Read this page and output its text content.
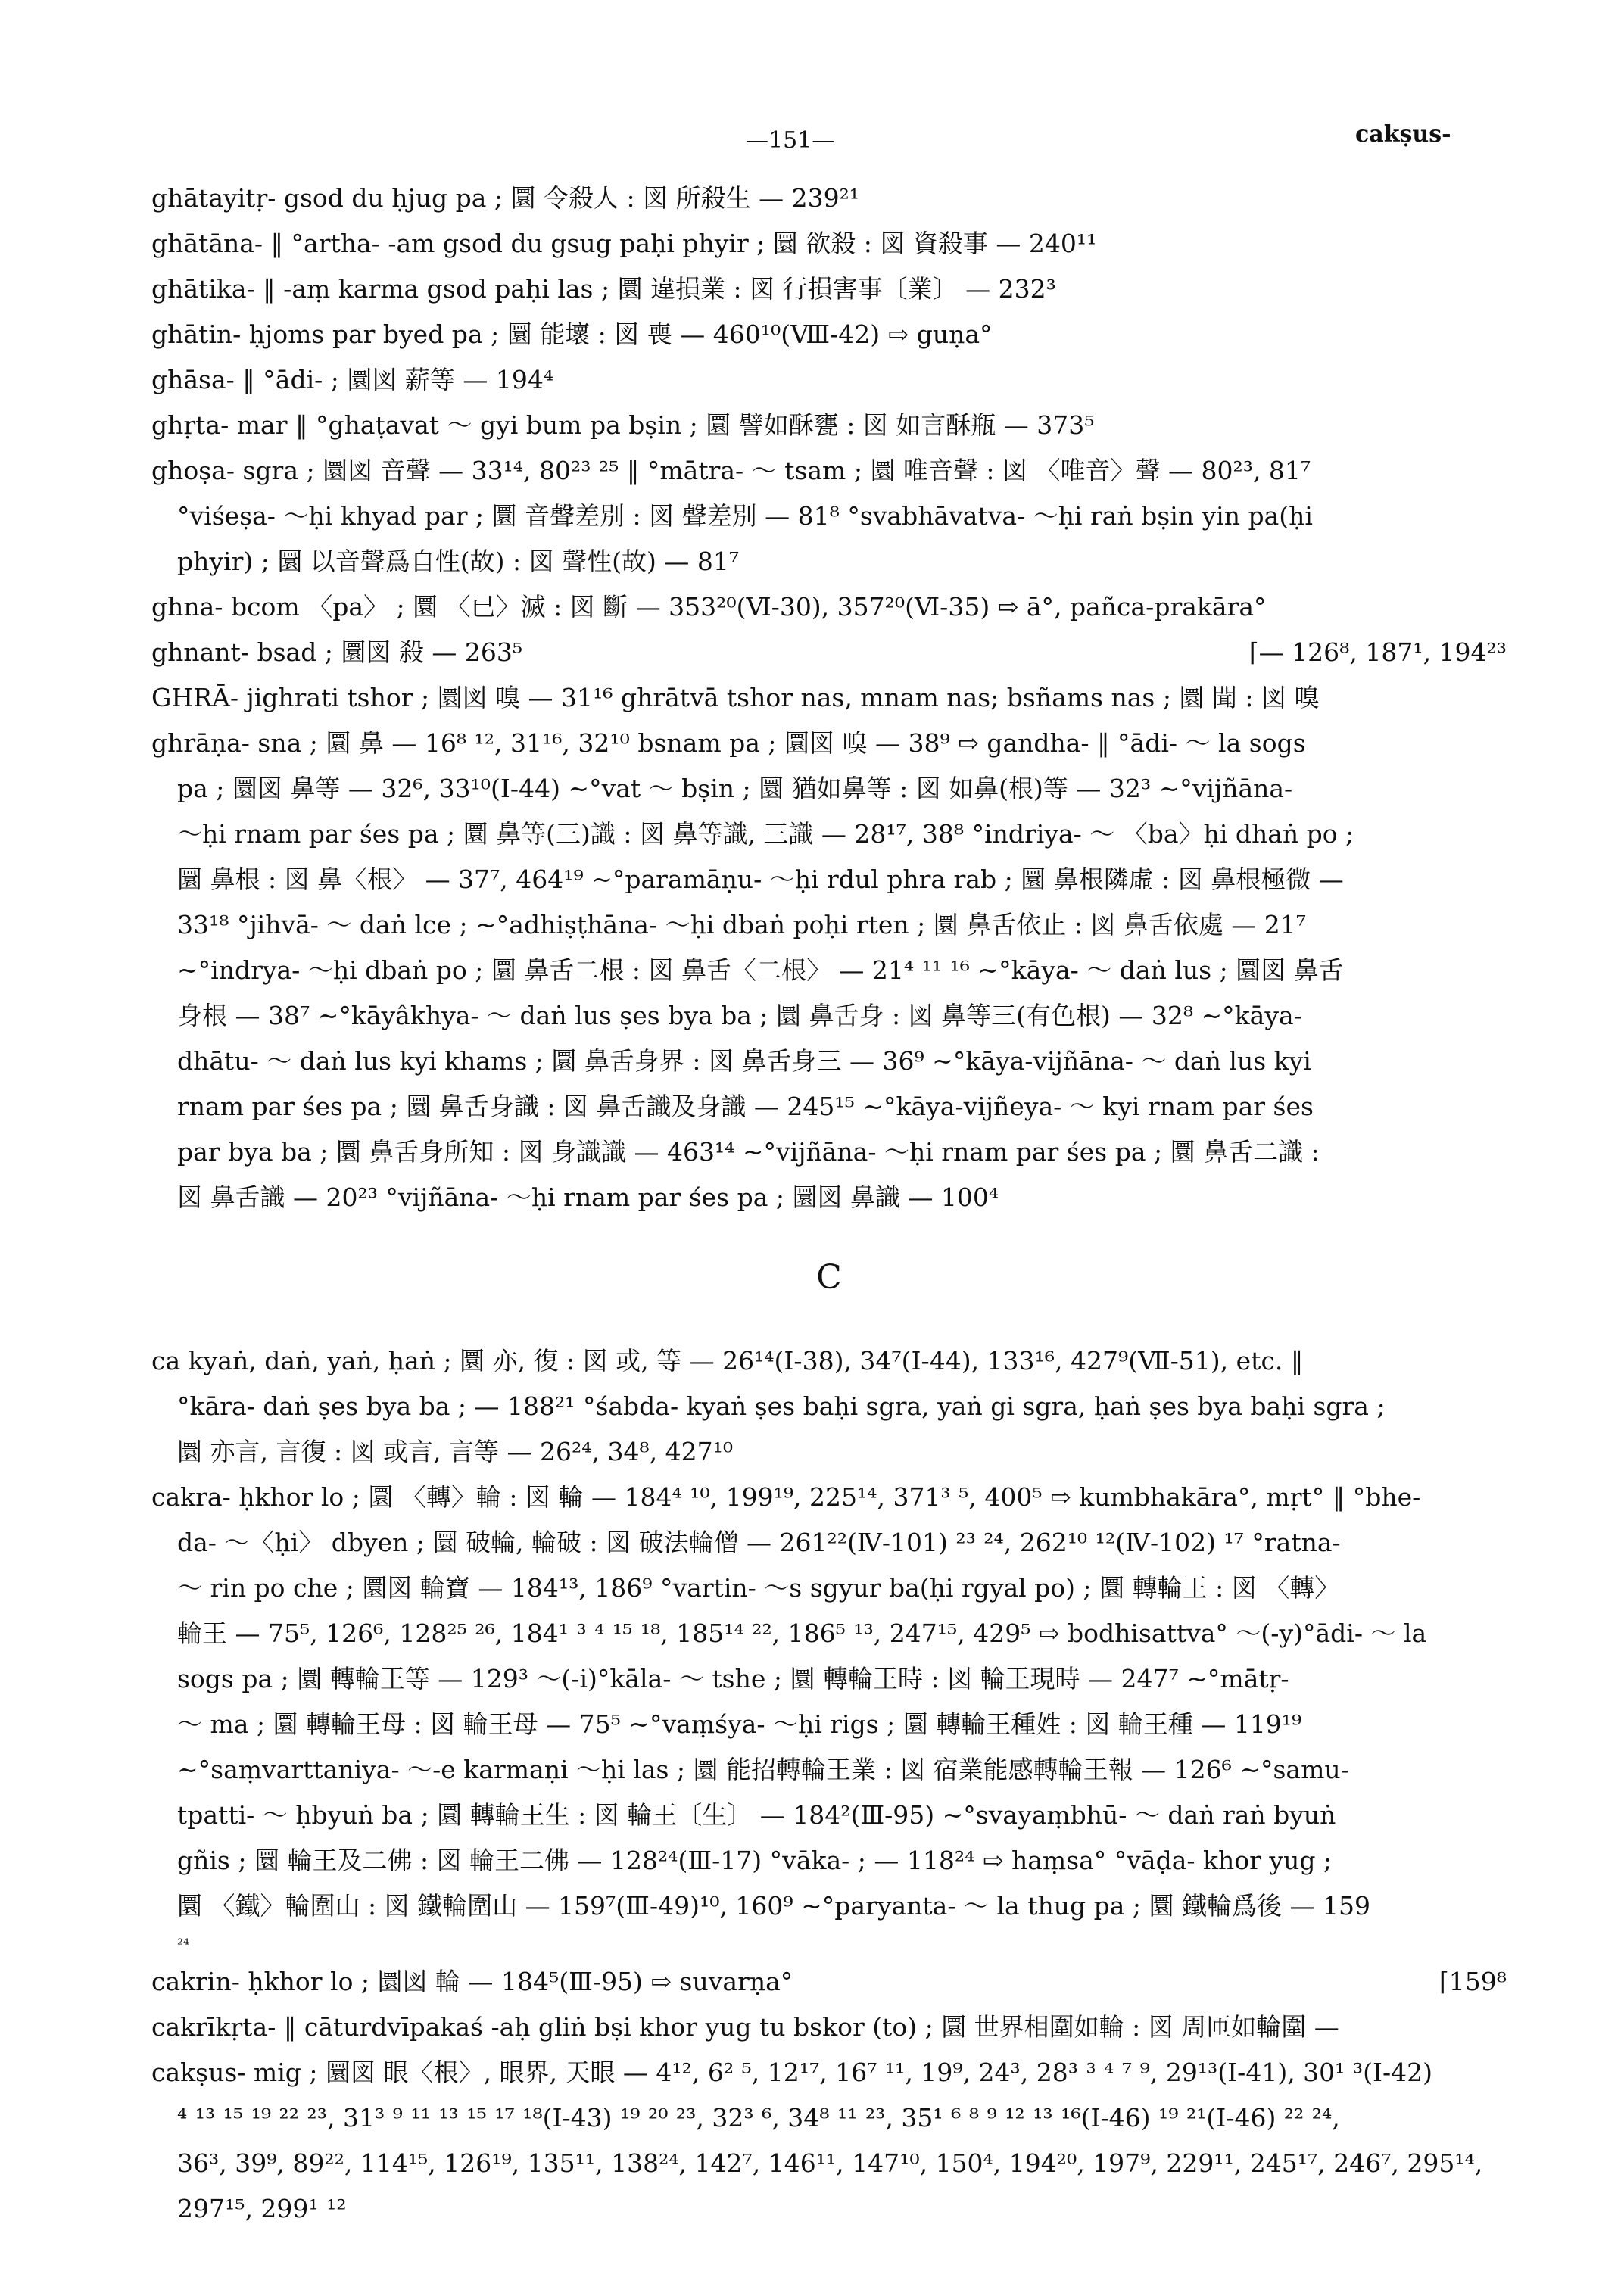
—151—	cakṣus-

ghātayitṛ- gsod du ḥjug pa ; 圜 令殺人 : 図 所殺生 — 239²¹

ghātāna- ‖ °artha- -am gsod du gsug paḥi phyir ; 圜 欲殺 : 図 資殺事 — 240¹¹

ghātika- ‖ -aṃ karma gsod paḥi las ; 圜 違損業 : 図 行損害事〔業〕 — 232³

ghātin- ḥjoms par byed pa ; 圜 能壞 : 図 喪 — 460¹⁰(Ⅷ-42) ⇨ guṇa°

ghāsa- ‖ °ādi- ; 圜図 薪等 — 194⁴

ghṛta- mar ‖ °ghaṭavat ～ gyi bum pa bṣin ; 圜 譬如酥甕 : 図 如言酥瓶 — 373⁵

ghoṣa- sgra ; 圜図 音聲 — 33¹⁴, 80²³ ²⁵ ‖ °mātra- ～ tsam ; 圜 唯音聲 : 図 〈唯音〉聲 — 80²³, 81⁷

°viśeṣa- ～ḥi khyad par ; 圜 音聲差別 : 図 聲差別 — 81⁸ °svabhāvatva- ～ḥi raṅ bṣin yin pa(ḥi

phyir) ; 圜 以音聲爲自性(故) : 図 聲性(故) — 81⁷

ghna- bcom 〈pa〉 ; 圜 〈已〉滅 : 図 斷 — 353²⁰(Ⅵ-30), 357²⁰(Ⅵ-35) ⇨ ā°, pañca-prakāra°

ghnant- bsad ; 圜図 殺 — 263⁵	⌈— 126⁸, 187¹, 194²³

GHRĀ- jighrati tshor ; 圜図 嗅 — 31¹⁶ ghrātvā tshor nas, mnam nas; bsñams nas ; 圜 聞 : 図 嗅

ghrāṇa- sna ; 圜 鼻 — 16⁸ ¹², 31¹⁶, 32¹⁰ bsnam pa ; 圜図 嗅 — 38⁹ ⇨ gandha- ‖ °ādi- ～ la sogs

pa ; 圜図 鼻等 — 32⁶, 33¹⁰(Ⅰ-44) ~°vat ～ bṣin ; 圜 猶如鼻等 : 図 如鼻(根)等 — 32³ ~°vijñāna-

～ḥi rnam par śes pa ; 圜 鼻等(三)識 : 図 鼻等識, 三識 — 28¹⁷, 38⁸ °indriya- ～ 〈ba〉ḥi dhaṅ po ;

圜 鼻根 : 図 鼻〈根〉 — 37⁷, 464¹⁹ ~°paramāṇu- ～ḥi rdul phra rab ; 圜 鼻根隣虛 : 図 鼻根極微 —

33¹⁸ °jihvā- ～ daṅ lce ; ~°adhiṣṭhāna- ～ḥi dbaṅ poḥi rten ; 圜 鼻舌依止 : 図 鼻舌依處 — 21⁷

~°indrya- ～ḥi dbaṅ po ; 圜 鼻舌二根 : 図 鼻舌〈二根〉 — 21⁴ ¹¹ ¹⁶ ~°kāya- ～ daṅ lus ; 圜図 鼻舌

身根 — 38⁷ ~°kāyâkhya- ～ daṅ lus ṣes bya ba ; 圜 鼻舌身 : 図 鼻等三(有色根) — 32⁸ ~°kāya-

dhātu- ～ daṅ lus kyi khams ; 圜 鼻舌身界 : 図 鼻舌身三 — 36⁹ ~°kāya-vijñāna- ～ daṅ lus kyi

rnam par śes pa ; 圜 鼻舌身識 : 図 鼻舌識及身識 — 245¹⁵ ~°kāya-vijñeya- ～ kyi rnam par śes

par bya ba ; 圜 鼻舌身所知 : 図 身識識 — 463¹⁴ ~°vijñāna- ～ḥi rnam par śes pa ; 圜 鼻舌二識 :

図 鼻舌識 — 20²³ °vijñāna- ～ḥi rnam par śes pa ; 圜図 鼻識 — 100⁴

C

ca kyaṅ, daṅ, yaṅ, ḥaṅ ; 圜 亦, 復 : 図 或, 等 — 26¹⁴(Ⅰ-38), 34⁷(Ⅰ-44), 133¹⁶, 427⁹(Ⅶ-51), etc. ‖

°kāra- daṅ ṣes bya ba ; — 188²¹ °śabda- kyaṅ ṣes baḥi sgra, yaṅ gi sgra, ḥaṅ ṣes bya baḥi sgra ;

圜 亦言, 言復 : 図 或言, 言等 — 26²⁴, 34⁸, 427¹⁰

cakra- ḥkhor lo ; 圜 〈轉〉輪 : 図 輪 — 184⁴ ¹⁰, 199¹⁹, 225¹⁴, 371³ ⁵, 400⁵ ⇨ kumbhakāra°, mṛt° ‖ °bhe-

da- ～〈ḥi〉 dbyen ; 圜 破輪, 輪破 : 図 破法輪僧 — 261²²(Ⅳ-101) ²³ ²⁴, 262¹⁰ ¹²(Ⅳ-102) ¹⁷ °ratna-

～ rin po che ; 圜図 輪寶 — 184¹³, 186⁹ °vartin- ～s sgyur ba(ḥi rgyal po) ; 圜 轉輪王 : 図 〈轉〉

輪王 — 75⁵, 126⁶, 128²⁵ ²⁶, 184¹ ³ ⁴ ¹⁵ ¹⁸, 185¹⁴ ²², 186⁵ ¹³, 247¹⁵, 429⁵ ⇨ bodhisattva° ～(-y)°ādi- ～ la

sogs pa ; 圜 轉輪王等 — 129³ ～(-i)°kāla- ～ tshe ; 圜 轉輪王時 : 図 輪王現時 — 247⁷ ~°mātṛ-

～ ma ; 圜 轉輪王母 : 図 輪王母 — 75⁵ ~°vaṃśya- ～ḥi rigs ; 圜 轉輪王種姓 : 図 輪王種 — 119¹⁹

~°saṃvarttaniya- ～-e karmaṇi ～ḥi las ; 圜 能招轉輪王業 : 図 宿業能感轉輪王報 — 126⁶ ~°samu-

tpatti- ～ ḥbyuṅ ba ; 圜 轉輪王生 : 図 輪王〔生〕 — 184²(Ⅲ-95) ~°svayaṃbhū- ～ daṅ raṅ byuṅ

gñis ; 圜 輪王及二佛 : 図 輪王二佛 — 128²⁴(Ⅲ-17) °vāka- ; — 118²⁴ ⇨ haṃsa° °vāḍa- khor yug ;

圜 〈鐵〉輪圍山 : 図 鐵輪圍山 — 159⁷(Ⅲ-49)¹⁰, 160⁹ ~°paryanta- ～ la thug pa ; 圜 鐵輪爲後 — 159

²⁴

cakrin- ḥkhor lo ; 圜図 輪 — 184⁵(Ⅲ-95) ⇨ suvarṇa°	⌈159⁸

cakrīkṛta- ‖ cāturdvīpakaś -aḥ gliṅ bṣi khor yug tu bskor (to) ; 圜 世界相圍如輪 : 図 周匝如輪圍 —

cakṣus- mig ; 圜図 眼〈根〉, 眼界, 天眼 — 4¹², 6² ⁵, 12¹⁷, 16⁷ ¹¹, 19⁹, 24³, 28³ ³ ⁴ ⁷ ⁹, 29¹³(Ⅰ-41), 30¹ ³(Ⅰ-42)

⁴ ¹³ ¹⁵ ¹⁹ ²² ²³, 31³ ⁹ ¹¹ ¹³ ¹⁵ ¹⁷ ¹⁸(Ⅰ-43) ¹⁹ ²⁰ ²³, 32³ ⁶, 34⁸ ¹¹ ²³, 35¹ ⁶ ⁸ ⁹ ¹² ¹³ ¹⁶(Ⅰ-46) ¹⁹ ²¹(Ⅰ-46) ²² ²⁴,

36³, 39⁹, 89²², 114¹⁵, 126¹⁹, 135¹¹, 138²⁴, 142⁷, 146¹¹, 147¹⁰, 150⁴, 194²⁰, 197⁹, 229¹¹, 245¹⁷, 246⁷, 295¹⁴, 297¹⁵, 299¹ ¹²
